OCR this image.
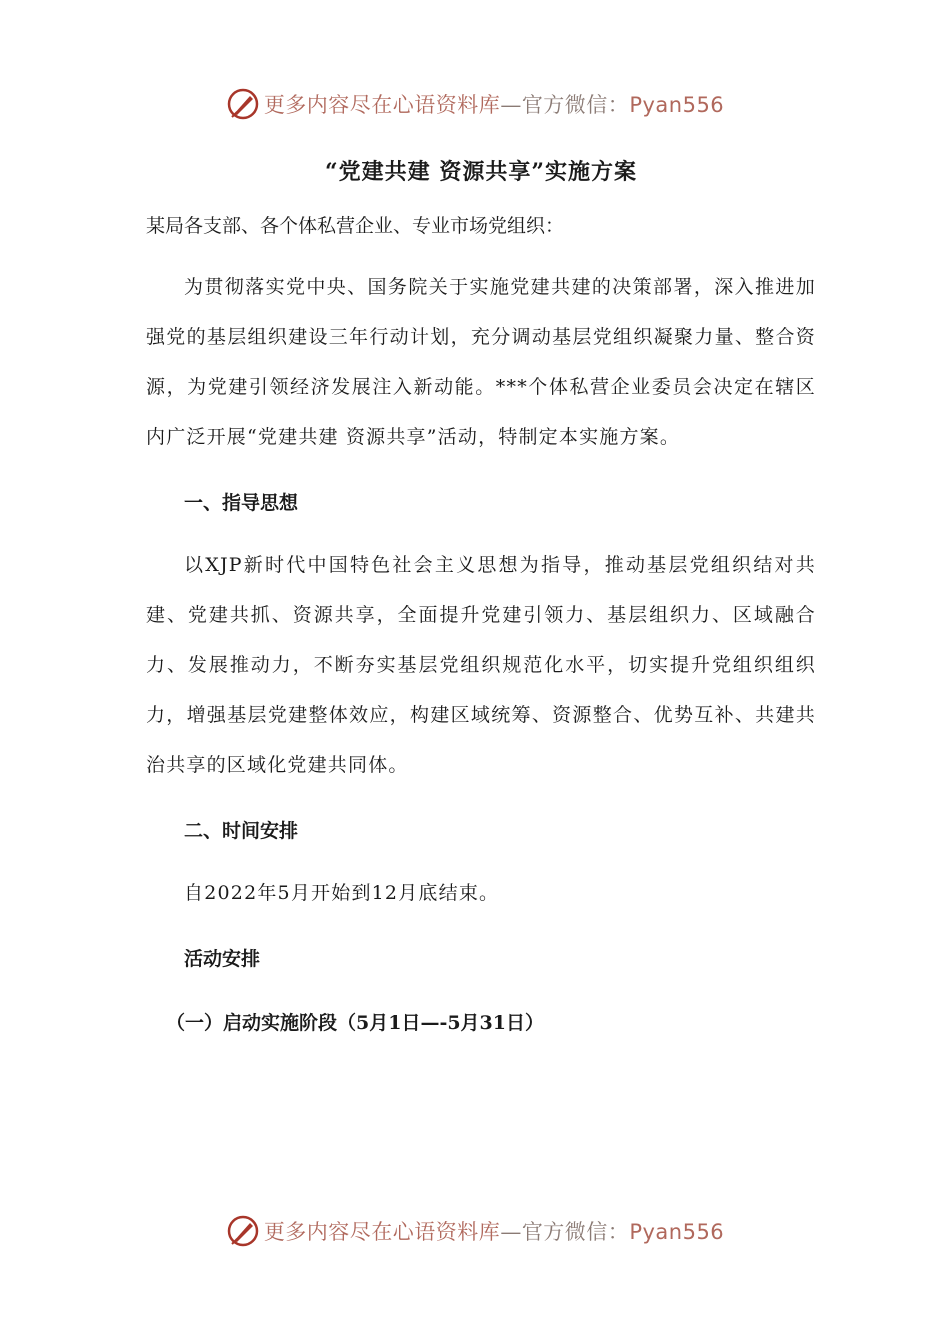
更多内容尽在心语资料库—官方微信：Pyan556
“党建共建 资源共享”实施方案

某局各支部、各个体私营企业、专业市场党组织：

为贯彻落实党中央、国务院关于实施党建共建的决策部署，深入推进加强党的基层组织建设三年行动计划，充分调动基层党组织凝聚力量、整合资源，为党建引领经济发展注入新动能。***个体私营企业委员会决定在辖区内广泛开展“党建共建 资源共享”活动，特制定本实施方案。

一、指导思想

以XJP新时代中国特色社会主义思想为指导，推动基层党组织结对共建、党建共抓、资源共享，全面提升党建引领力、基层组织力、区域融合力、发展推动力，不断夯实基层党组织规范化水平，切实提升党组织组织力，增强基层党建整体效应，构建区域统筹、资源整合、优势互补、共建共治共享的区域化党建共同体。

二、时间安排

自2022年5月开始到12月底结束。

活动安排

（一）启动实施阶段（5月1日—-5月31日）

更多内容尽在心语资料库—官方微信：Pyan556
